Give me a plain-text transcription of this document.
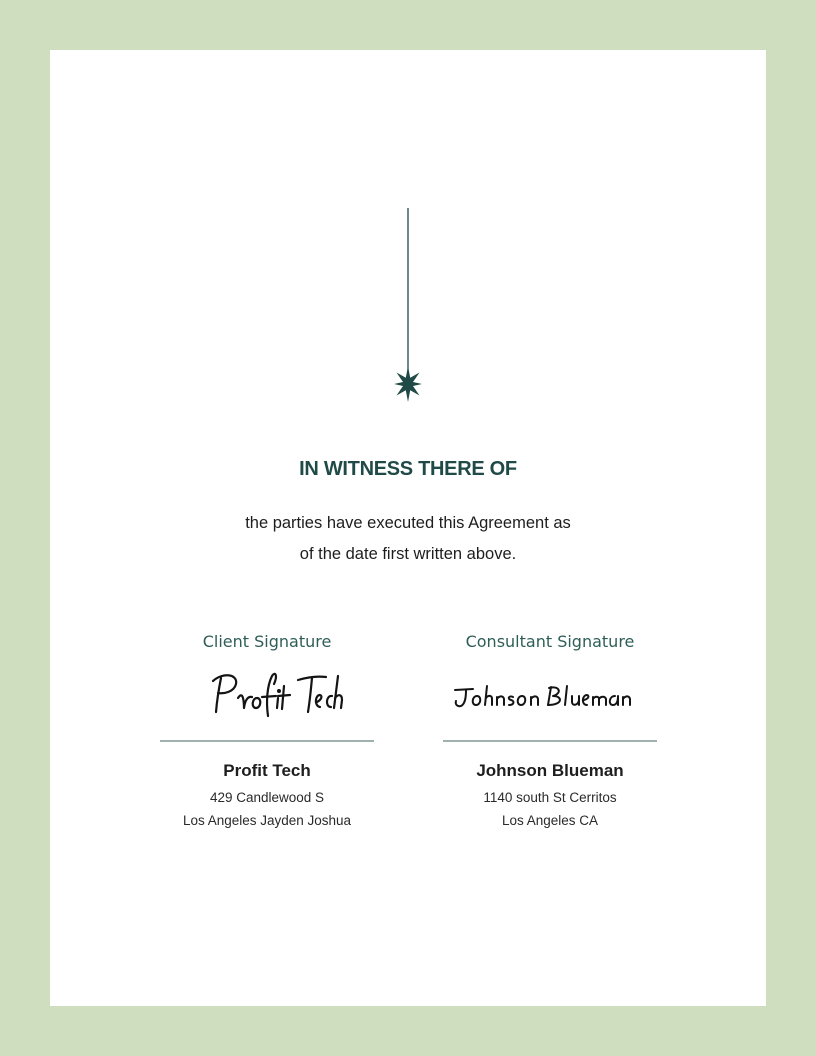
IN WITNESS THERE OF
the parties have executed this Agreement as
of the date first written above.
Client Signature
Profit Tech
429 Candlewood S
Los Angeles Jayden Joshua
Consultant Signature
Johnson Blueman
1140 south St Cerritos
Los Angeles CA
